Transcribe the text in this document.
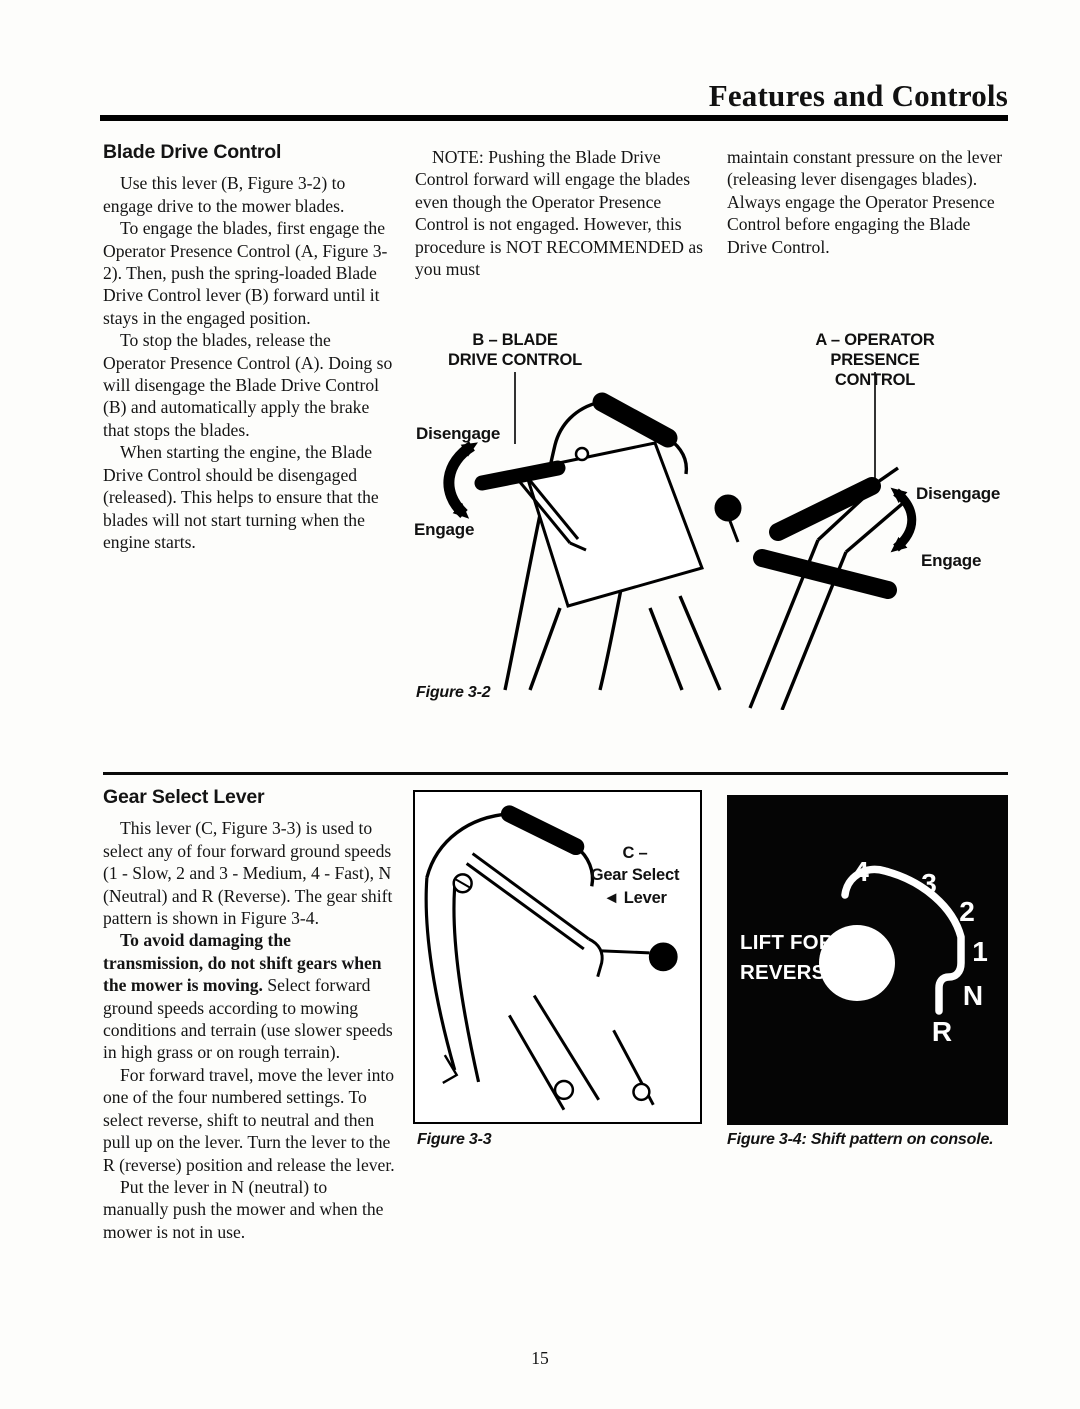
Features and Controls
Blade Drive Control

Use this lever (B, Figure 3-2) to engage drive to the mower blades.

To engage the blades, first engage the Operator Presence Control (A, Figure 3-2). Then, push the spring-loaded Blade Drive Control lever (B) forward until it stays in the engaged position.

To stop the blades, release the Operator Presence Control (A). Doing so will disengage the Blade Drive Control (B) and automatically apply the brake that stops the blades.

When starting the engine, the Blade Drive Control should be disengaged (released). This helps to ensure that the blades will not start turning when the engine starts.

NOTE: Pushing the Blade Drive Control forward will engage the blades even though the Operator Presence Control is not engaged. However, this procedure is NOT RECOMMENDED as you must

maintain constant pressure on the lever (releasing lever disengages blades). Always engage the Operator Presence Control before engaging the Blade Drive Control.

B – BLADE
DRIVE CONTROL
A – OPERATOR
PRESENCE CONTROL
Disengage
Engage
Disengage
Engage
Figure 3-2
Gear Select Lever

This lever (C, Figure 3-3) is used to select any of four forward ground speeds (1 - Slow, 2 and 3 - Medium, 4 - Fast), N (Neutral) and R (Reverse). The gear shift pattern is shown in Figure 3-4.

To avoid damaging the transmission, do not shift gears when the mower is moving. Select forward ground speeds according to mowing conditions and terrain (use slower speeds in high grass or on rough terrain).

For forward travel, move the lever into one of the four numbered settings. To select reverse, shift to neutral and then pull up on the lever. Turn the lever to the R (reverse) position and release the lever.

Put the lever in N (neutral) to manually push the mower and when the mower is not in use.

C –
Gear Select
◄ Lever
Figure 3-3
4 3
2
1
N
R
LIFT FOR
REVERSE
Figure 3-4: Shift pattern on console.
15
